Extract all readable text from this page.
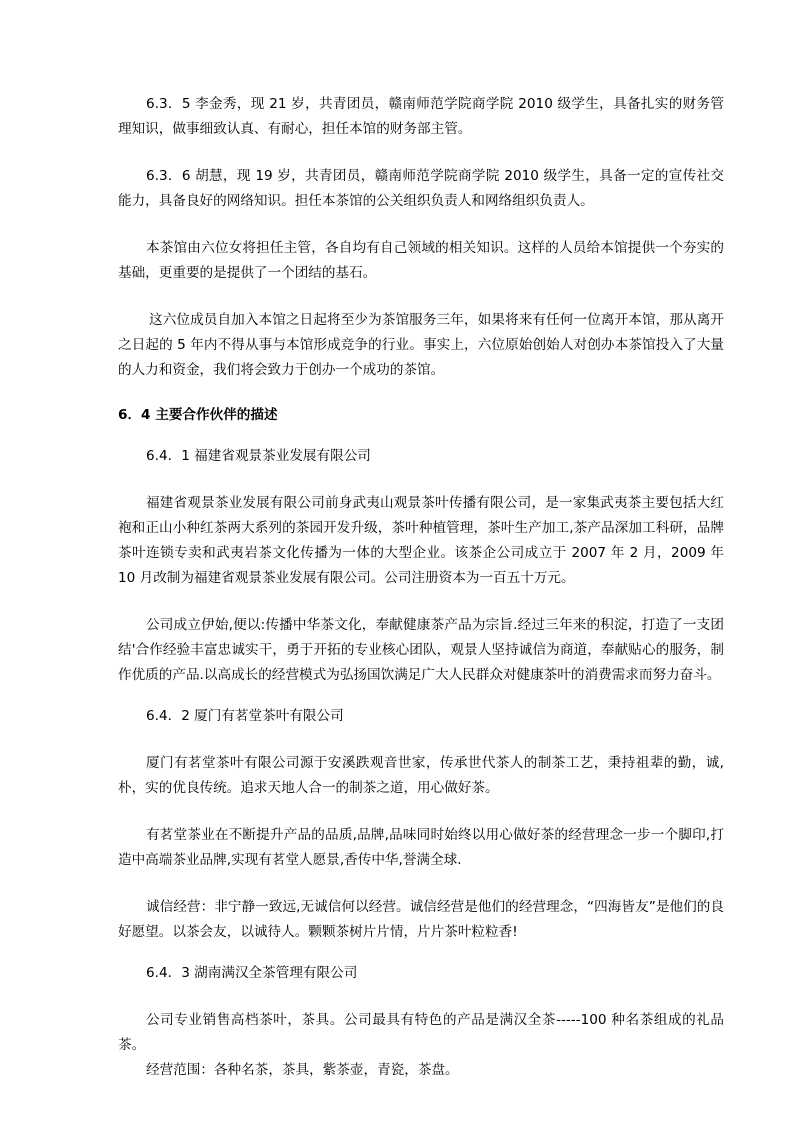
6.3．5 李金秀，现 21 岁，共青团员，赣南师范学院商学院 2010 级学生，具备扎实的财务管理知识，做事细致认真、有耐心，担任本馆的财务部主管。

6.3．6 胡慧，现 19 岁，共青团员，赣南师范学院商学院 2010 级学生，具备一定的宣传社交能力，具备良好的网络知识。担任本茶馆的公关组织负责人和网络组织负责人。

本茶馆由六位女将担任主管，各自均有自己领域的相关知识。这样的人员给本馆提供一个夯实的基础，更重要的是提供了一个团结的基石。

这六位成员自加入本馆之日起将至少为茶馆服务三年，如果将来有任何一位离开本馆，那从离开之日起的 5 年内不得从事与本馆形成竞争的行业。事实上，六位原始创始人对创办本茶馆投入了大量的人力和资金，我们将会致力于创办一个成功的茶馆。

6．4 主要合作伙伴的描述

6.4．1 福建省观景茶业发展有限公司

福建省观景茶业发展有限公司前身武夷山观景茶叶传播有限公司，是一家集武夷茶主要包括大红袍和正山小种红茶两大系列的茶园开发升级，茶叶种植管理，茶叶生产加工,茶产品深加工科研，品牌茶叶连锁专卖和武夷岩茶文化传播为一体的大型企业。该茶企公司成立于 2007 年 2 月，2009 年 10 月改制为福建省观景茶业发展有限公司。公司注册资本为一百五十万元。

公司成立伊始,便以:传播中华茶文化，奉献健康茶产品为宗旨.经过三年来的积淀，打造了一支团结'合作经验丰富忠诚实干，勇于开拓的专业核心团队，观景人坚持诚信为商道，奉献贴心的服务，制作优质的产品.以高成长的经营模式为弘扬国饮满足广大人民群众对健康茶叶的消费需求而努力奋斗。

6.4．2 厦门有茗堂茶叶有限公司

厦门有茗堂茶叶有限公司源于安溪跌观音世家，传承世代茶人的制茶工艺，秉持祖辈的勤，诚,朴，实的优良传统。追求天地人合一的制茶之道，用心做好茶。

有茗堂茶业在不断提升产品的品质,品牌,品味同时始终以用心做好茶的经营理念一步一个脚印,打造中高端茶业品牌,实现有茗堂人愿景,香传中华,誉满全球.

诚信经营：非宁静一致远,无诚信何以经营。诚信经营是他们的经营理念，“四海皆友”是他们的良好愿望。以茶会友，以诚待人。颗颗茶树片片情，片片茶叶粒粒香!

6.4．3 湖南满汉全茶管理有限公司

公司专业销售高档茶叶，茶具。公司最具有特色的产品是满汉全茶-----100 种名茶组成的礼品茶。

经营范围：各种名茶，茶具，紫茶壶，青瓷，茶盘。
